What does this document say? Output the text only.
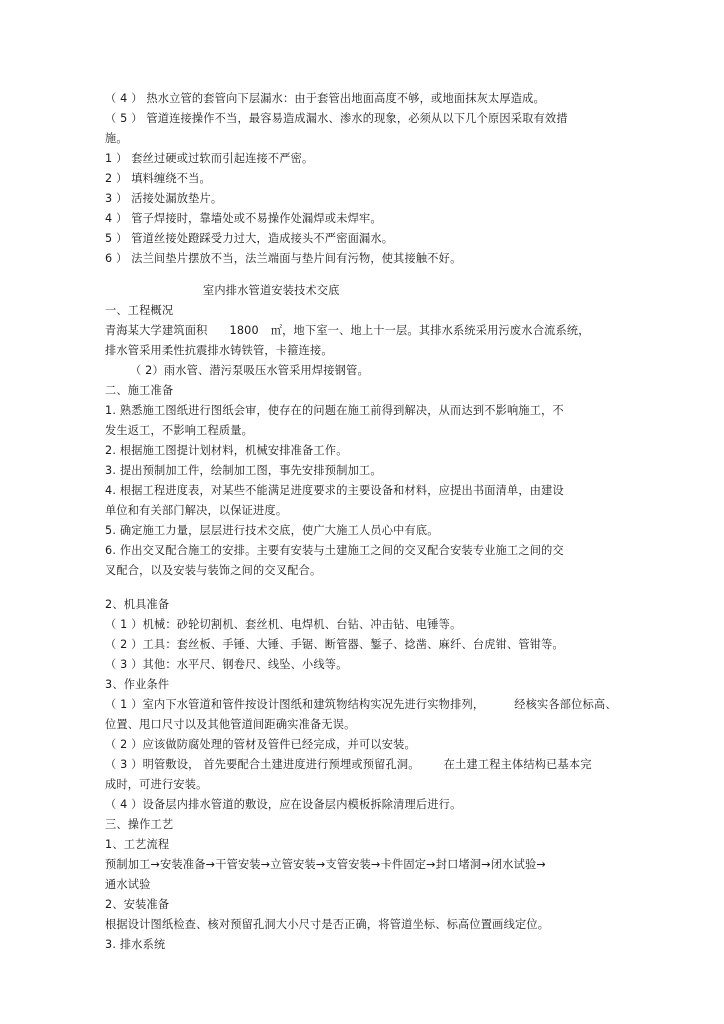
（ 4 ） 热水立管的套管向下层漏水：由于套管出地面高度不够，或地面抹灰太厚造成。
（ 5 ） 管道连接操作不当，最容易造成漏水、渗水的现象，必须从以下几个原因采取有效措
施。
1 ） 套丝过硬或过软而引起连接不严密。
2 ） 填料缠绕不当。
3 ） 活接处漏放垫片。
4 ） 管子焊接时，靠墙处或不易操作处漏焊或未焊牢。
5 ） 管道丝接处蹬踩受力过大，造成接头不严密面漏水。
6 ） 法兰间垫片摆放不当，法兰端面与垫片间有污物，使其接触不好。
室内排水管道安装技术交底
一、工程概况
青海某大学建筑面积 1800 ㎡，地下室一、地上十一层。其排水系统采用污废水合流系统，
排水管采用柔性抗震排水铸铁管，卡箍连接。
（ 2）雨水管、潜污泵吸压水管采用焊接钢管。
二、施工准备
1. 熟悉施工图纸进行图纸会审，使存在的问题在施工前得到解决，从而达到不影响施工，不
发生返工，不影响工程质量。
2. 根据施工图提计划材料，机械安排准备工作。
3. 提出预制加工件，绘制加工图，事先安排预制加工。
4. 根据工程进度表，对某些不能满足进度要求的主要设备和材料，应提出书面清单，由建设
单位和有关部门解决，以保证进度。
5. 确定施工力量，层层进行技术交底，使广大施工人员心中有底。
6. 作出交叉配合施工的安排。主要有安装与土建施工之间的交叉配合安装专业施工之间的交
叉配合，以及安装与装饰之间的交叉配合。
2、机具准备
（ 1 ）机械：砂轮切割机、套丝机、电焊机、台钻、冲击钻、电锤等。
（ 2 ）工具：套丝板、手锤、大锤、手锯、断管器、錾子、捻凿、麻纤、台虎钳、管钳等。
（ 3 ）其他：水平尺、钢卷尺、线坠、小线等。
3、作业条件
（ 1 ）室内下水管道和管件按设计图纸和建筑物结构实况先进行实物排列，	经核实各部位标高、
位置、甩口尺寸以及其他管道间距确实准备无误。
（ 2 ）应该做防腐处理的管材及管件已经完成，并可以安装。
（ 3 ）明管敷设， 首先要配合土建进度进行预埋或预留孔洞。 在土建工程主体结构已基本完
成时，可进行安装。
（ 4 ）设备层内排水管道的敷设，应在设备层内模板拆除清理后进行。
三、操作工艺
1、工艺流程
预制加工→安装准备→干管安装→立管安装→支管安装→卡件固定→封口堵洞→闭水试验→
通水试验
2、安装准备
根据设计图纸检查、核对预留孔洞大小尺寸是否正确，将管道坐标、标高位置画线定位。
3. 排水系统
